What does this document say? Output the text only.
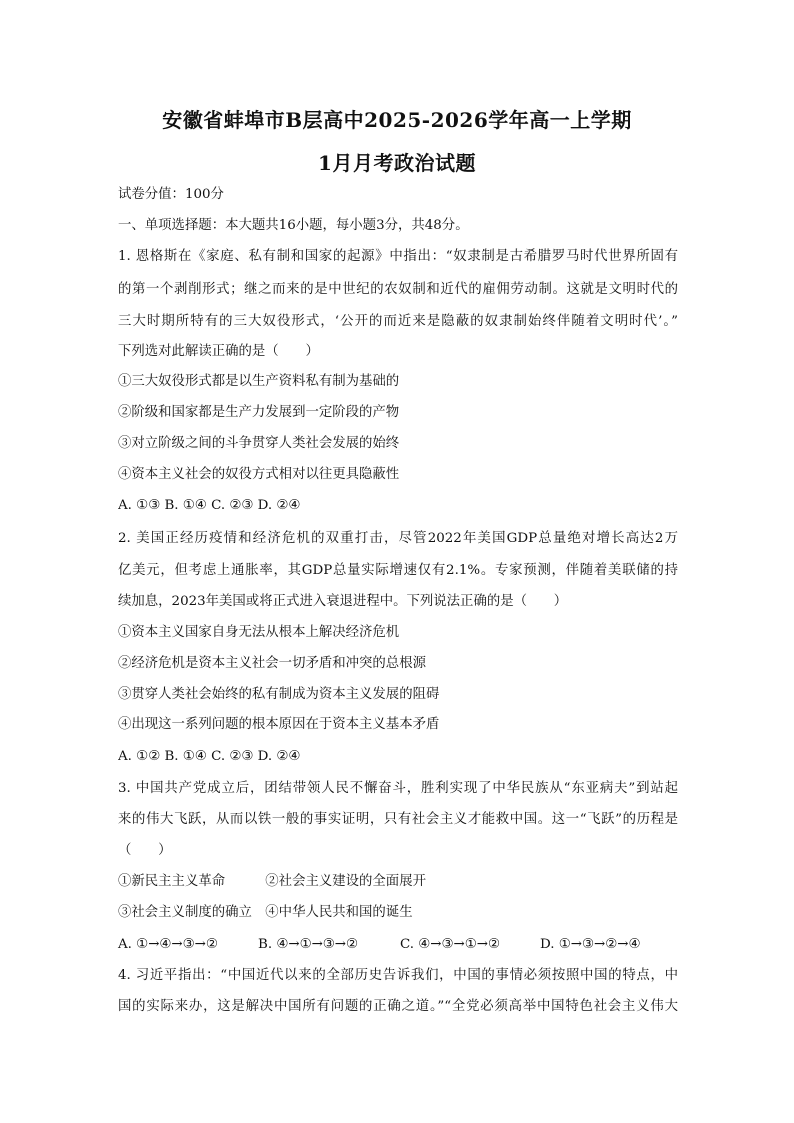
安徽省蚌埠市B层高中2025-2026学年高一上学期
1月月考政治试题
试卷分值：100分
一、单项选择题：本大题共16小题，每小题3分，共48分。
1. 恩格斯在《家庭、私有制和国家的起源》中指出：“奴隶制是古希腊罗马时代世界所固有
的第一个剥削形式；继之而来的是中世纪的农奴制和近代的雇佣劳动制。这就是文明时代的
三大时期所特有的三大奴役形式，‘公开的而近来是隐蔽的奴隶制始终伴随着文明时代’。”
下列选对此解读正确的是（　　）
①三大奴役形式都是以生产资料私有制为基础的
②阶级和国家都是生产力发展到一定阶段的产物
③对立阶级之间的斗争贯穿人类社会发展的始终
④资本主义社会的奴役方式相对以往更具隐蔽性
A. ①③ B. ①④ C. ②③ D. ②④
2. 美国正经历疫情和经济危机的双重打击，尽管2022年美国GDP总量绝对增长高达2万
亿美元，但考虑上通胀率，其GDP总量实际增速仅有2.1%。专家预测，伴随着美联储的持
续加息，2023年美国或将正式进入衰退进程中。下列说法正确的是（　　）
①资本主义国家自身无法从根本上解决经济危机
②经济危机是资本主义社会一切矛盾和冲突的总根源
③贯穿人类社会始终的私有制成为资本主义发展的阻碍
④出现这一系列问题的根本原因在于资本主义基本矛盾
A. ①② B. ①④ C. ②③ D. ②④
3. 中国共产党成立后，团结带领人民不懈奋斗，胜利实现了中华民族从“东亚病夫”到站起
来的伟大飞跃，从而以铁一般的事实证明，只有社会主义才能救中国。这一“飞跃”的历程是
（　　）
①新民主主义革命　　　②社会主义建设的全面展开
③社会主义制度的确立　④中华人民共和国的诞生
A. ①→④→③→②	B. ④→①→③→②	C. ④→③→①→②	D. ①→③→②→④
4. 习近平指出：“中国近代以来的全部历史告诉我们，中国的事情必须按照中国的特点，中
国的实际来办，这是解决中国所有问题的正确之道。”“全党必须高举中国特色社会主义伟大
